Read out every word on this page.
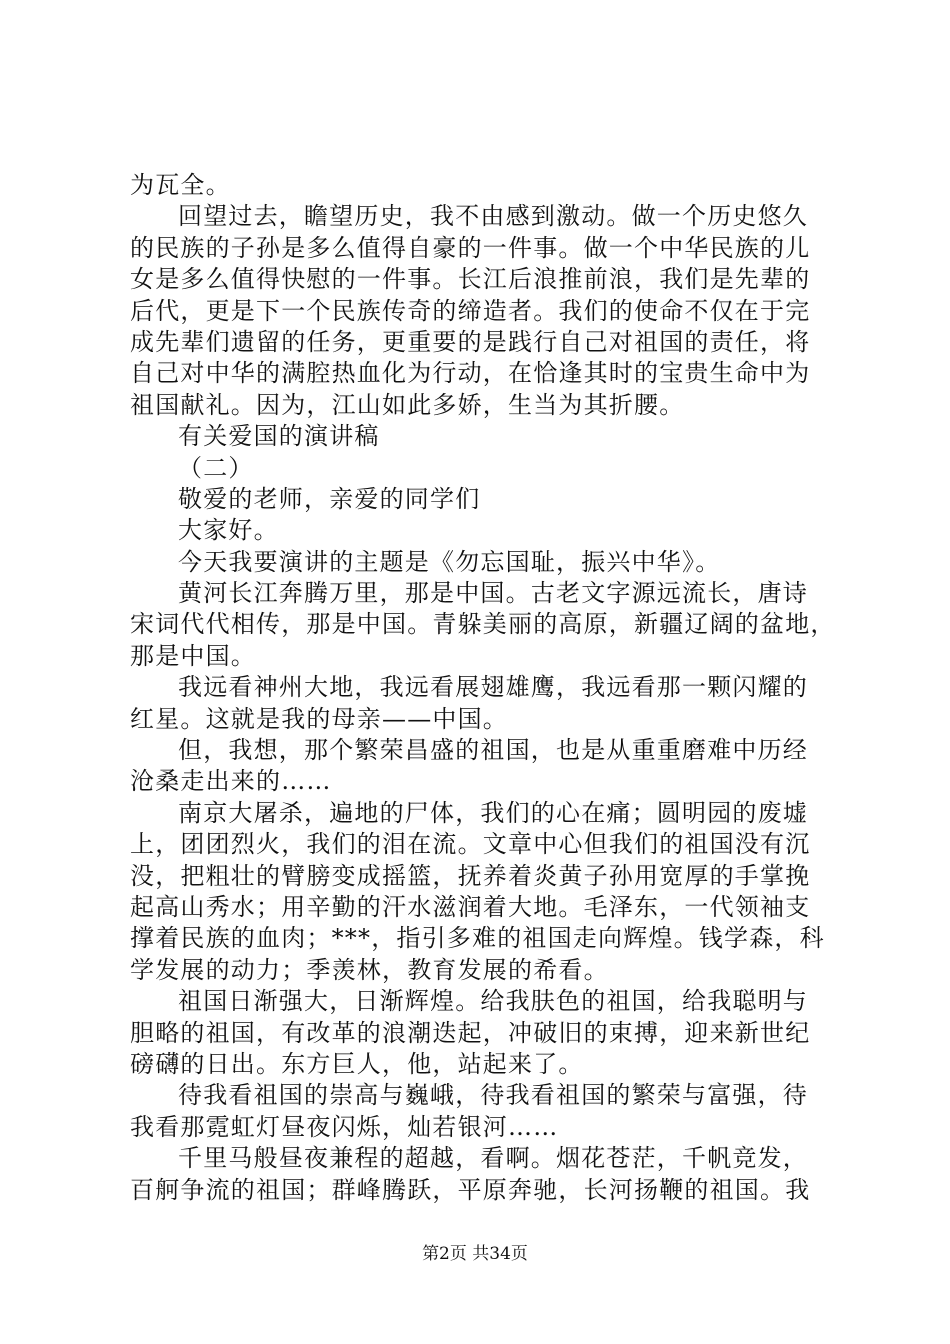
为瓦全。
回望过去，瞻望历史，我不由感到激动。做一个历史悠久
的民族的子孙是多么值得自豪的一件事。做一个中华民族的儿
女是多么值得快慰的一件事。长江后浪推前浪，我们是先辈的
后代，更是下一个民族传奇的缔造者。我们的使命不仅在于完
成先辈们遗留的任务，更重要的是践行自己对祖国的责任，将
自己对中华的满腔热血化为行动，在恰逢其时的宝贵生命中为
祖国献礼。因为，江山如此多娇，生当为其折腰。
有关爱国的演讲稿
（二）
敬爱的老师，亲爱的同学们
大家好。
今天我要演讲的主题是《勿忘国耻，振兴中华》。
黄河长江奔腾万里，那是中国。古老文字源远流长，唐诗
宋词代代相传，那是中国。青躲美丽的高原，新疆辽阔的盆地，
那是中国。
我远看神州大地，我远看展翅雄鹰，我远看那一颗闪耀的
红星。这就是我的母亲——中国。
但，我想，那个繁荣昌盛的祖国，也是从重重磨难中历经
沧桑走出来的……
南京大屠杀，遍地的尸体，我们的心在痛；圆明园的废墟
上，团团烈火，我们的泪在流。文章中心但我们的祖国没有沉
没，把粗壮的臂膀变成摇篮，抚养着炎黄子孙用宽厚的手掌挽
起高山秀水；用辛勤的汗水滋润着大地。毛泽东，一代领袖支
撑着民族的血肉；***，指引多难的祖国走向辉煌。钱学森，科
学发展的动力；季羡林，教育发展的希看。
祖国日渐强大，日渐辉煌。给我肤色的祖国，给我聪明与
胆略的祖国，有改革的浪潮迭起，冲破旧的束搏，迎来新世纪
磅礴的日出。东方巨人，他，站起来了。
待我看祖国的崇高与巍峨，待我看祖国的繁荣与富强，待
我看那霓虹灯昼夜闪烁，灿若银河……
千里马般昼夜兼程的超越，看啊。烟花苍茫，千帆竞发，
百舸争流的祖国；群峰腾跃，平原奔驰，长河扬鞭的祖国。我
第2页 共34页
